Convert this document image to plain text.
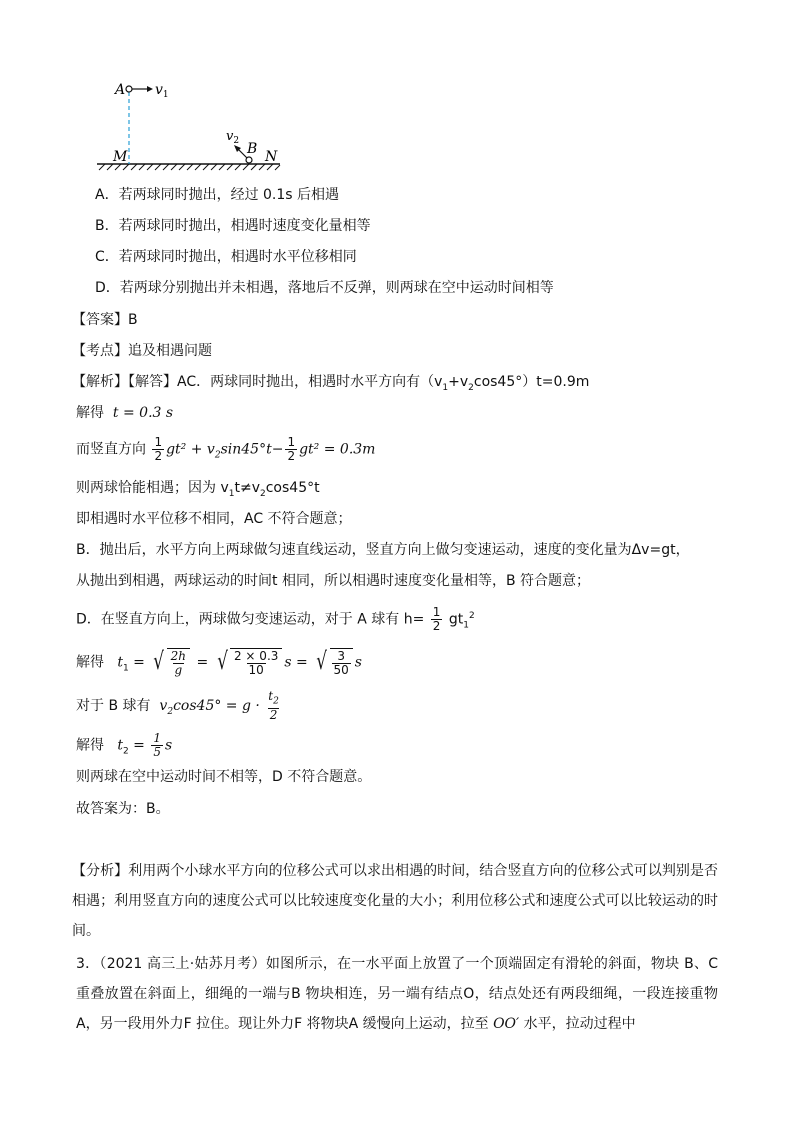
A $v_1$
$v_2$ B
M	N
A．若两球同时抛出，经过 0.1s 后相遇
B．若两球同时抛出，相遇时速度变化量相等
C．若两球同时抛出，相遇时水平位移相同
D．若两球分别抛出并未相遇，落地后不反弹，则两球在空中运动时间相等
【答案】B
【考点】追及相遇问题
【解析】【解答】AC．两球同时抛出，相遇时水平方向有$(v_1+v_2\cos 45^\circ)t=0.9m$
解得 t = 0.3 s
而竖直方向 $\frac{1}{2} gt^2 + v_2\sin 45^\circ t- \frac{1}{2} gt^2 = 0.3m$
则两球恰能相遇；因为 $v_1t\ne v_2\cos 45^\circ t$
即相遇时水平位移不相同，AC 不符合题意；
B．抛出后，水平方向上两球做匀速直线运动，竖直方向上做匀变速运动，速度的变化量为Δv=gt，
从抛出到相遇，两球运动的时间t 相同，所以相遇时速度变化量相等，B 符合题意；
D．在竖直方向上，两球做匀变速运动，对于 A 球有 $h= \frac{1}{2} gt_1^2$
解得 $t_1$ = √ $\frac{2h}{g}$ = √ $\frac{2 \times 0.3}{10}$ s = √ $\frac{3}{50}$ s
对于 B 球有 $v_2\cos 45^\circ = g \cdot \frac{t_2}{2}$
解得 $t_2 = \frac{1}{5}$ s
则两球在空中运动时间不相等，D 不符合题意。
故答案为：B。
【分析】利用两个小球水平方向的位移公式可以求出相遇的时间，结合竖直方向的位移公式可以判别是否相遇；利用竖直方向的速度公式可以比较速度变化量的大小；利用位移公式和速度公式可以比较运动的时间。
3．（2021 高三上·姑苏月考）如图所示，在一水平面上放置了一个顶端固定有滑轮的斜面，物块 B、C 重叠放置在斜面上，细绳的一端与B 物块相连，另一端有结点O，结点处还有两段细绳，一段连接重物A，另一段用外力F 拉住。现让外力F 将物块A 缓慢向上运动，拉至 OO′ 水平，拉动过程中
